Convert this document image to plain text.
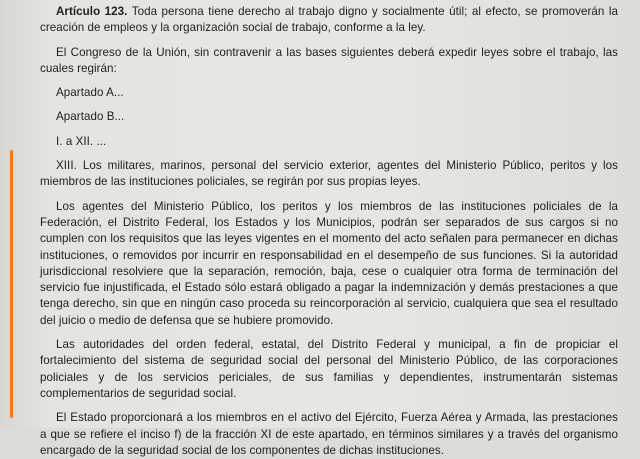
Artículo 123. Toda persona tiene derecho al trabajo digno y socialmente útil; al efecto, se promoverán la creación de empleos y la organización social de trabajo, conforme a la ley.

El Congreso de la Unión, sin contravenir a las bases siguientes deberá expedir leyes sobre el trabajo, las cuales regirán:

Apartado A...

Apartado B...

I. a XII. ...

XIII. Los militares, marinos, personal del servicio exterior, agentes del Ministerio Público, peritos y los miembros de las instituciones policiales, se regirán por sus propias leyes.

Los agentes del Ministerio Público, los peritos y los miembros de las instituciones policiales de la Federación, el Distrito Federal, los Estados y los Municipios, podrán ser separados de sus cargos si no cumplen con los requisitos que las leyes vigentes en el momento del acto señalen para permanecer en dichas instituciones, o removidos por incurrir en responsabilidad en el desempeño de sus funciones. Si la autoridad jurisdiccional resolviere que la separación, remoción, baja, cese o cualquier otra forma de terminación del servicio fue injustificada, el Estado sólo estará obligado a pagar la indemnización y demás prestaciones a que tenga derecho, sin que en ningún caso proceda su reincorporación al servicio, cualquiera que sea el resultado del juicio o medio de defensa que se hubiere promovido.

Las autoridades del orden federal, estatal, del Distrito Federal y municipal, a fin de propiciar el fortalecimiento del sistema de seguridad social del personal del Ministerio Público, de las corporaciones policiales y de los servicios periciales, de sus familias y dependientes, instrumentarán sistemas complementarios de seguridad social.

El Estado proporcionará a los miembros en el activo del Ejército, Fuerza Aérea y Armada, las prestaciones a que se refiere el inciso f) de la fracción XI de este apartado, en términos similares y a través del organismo encargado de la seguridad social de los componentes de dichas instituciones.
